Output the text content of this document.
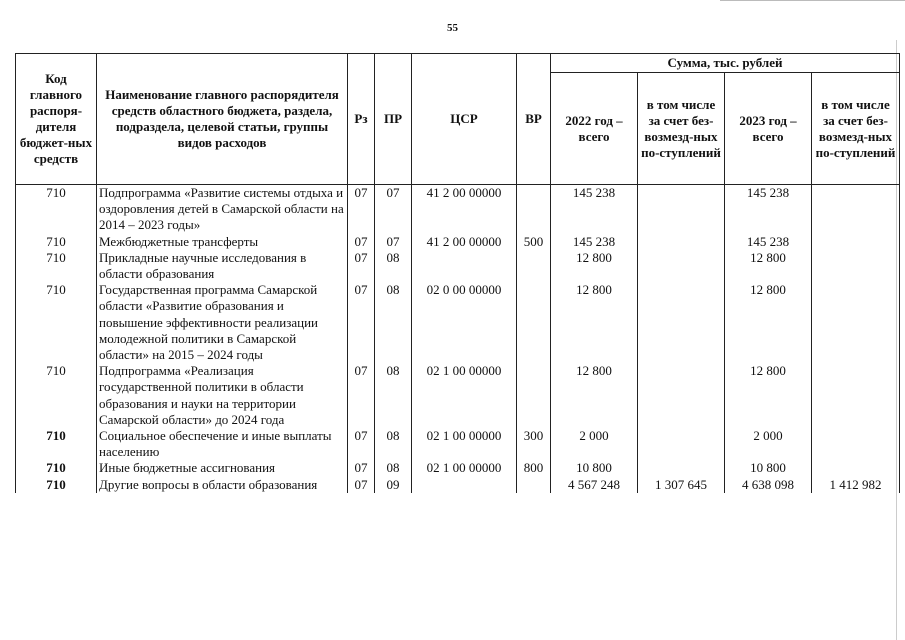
55
Код главного распоря-дителя бюджет-ных средств	Наименование главного распорядителя средств областного бюджета, раздела, подраздела, целевой статьи, группы видов расходов	Рз	ПР	ЦСР	ВР	Сумма, тыс. рублей			
						2022 год – всего	в том числе за счет без-возмезд-ных по-ступлений	2023 год – всего	в том числе за счет без-возмезд-ных по-ступлений
710	Подпрограмма «Развитие системы отдыха и оздоровления детей в Самарской области на 2014 – 2023 годы»	07	07	41 2 00 00000		145 238		145 238	
710	Межбюджетные трансферты	07	07	41 2 00 00000	500	145 238		145 238	
710	Прикладные научные исследования в области образования	07	08			12 800		12 800	
710	Государственная программа Самарской области «Развитие образования и повышение эффективности реализации молодежной политики в Самарской области» на 2015 – 2024 годы	07	08	02 0 00 00000		12 800		12 800	
710	Подпрограмма «Реализация государственной политики в области образования и науки на территории Самарской области» до 2024 года	07	08	02 1 00 00000		12 800		12 800	
710	Социальное обеспечение и иные выплаты населению	07	08	02 1 00 00000	300	2 000		2 000	
710	Иные бюджетные ассигнования	07	08	02 1 00 00000	800	10 800		10 800	
710	Другие вопросы в области образования	07	09			4 567 248	1 307 645	4 638 098	1 412 982
